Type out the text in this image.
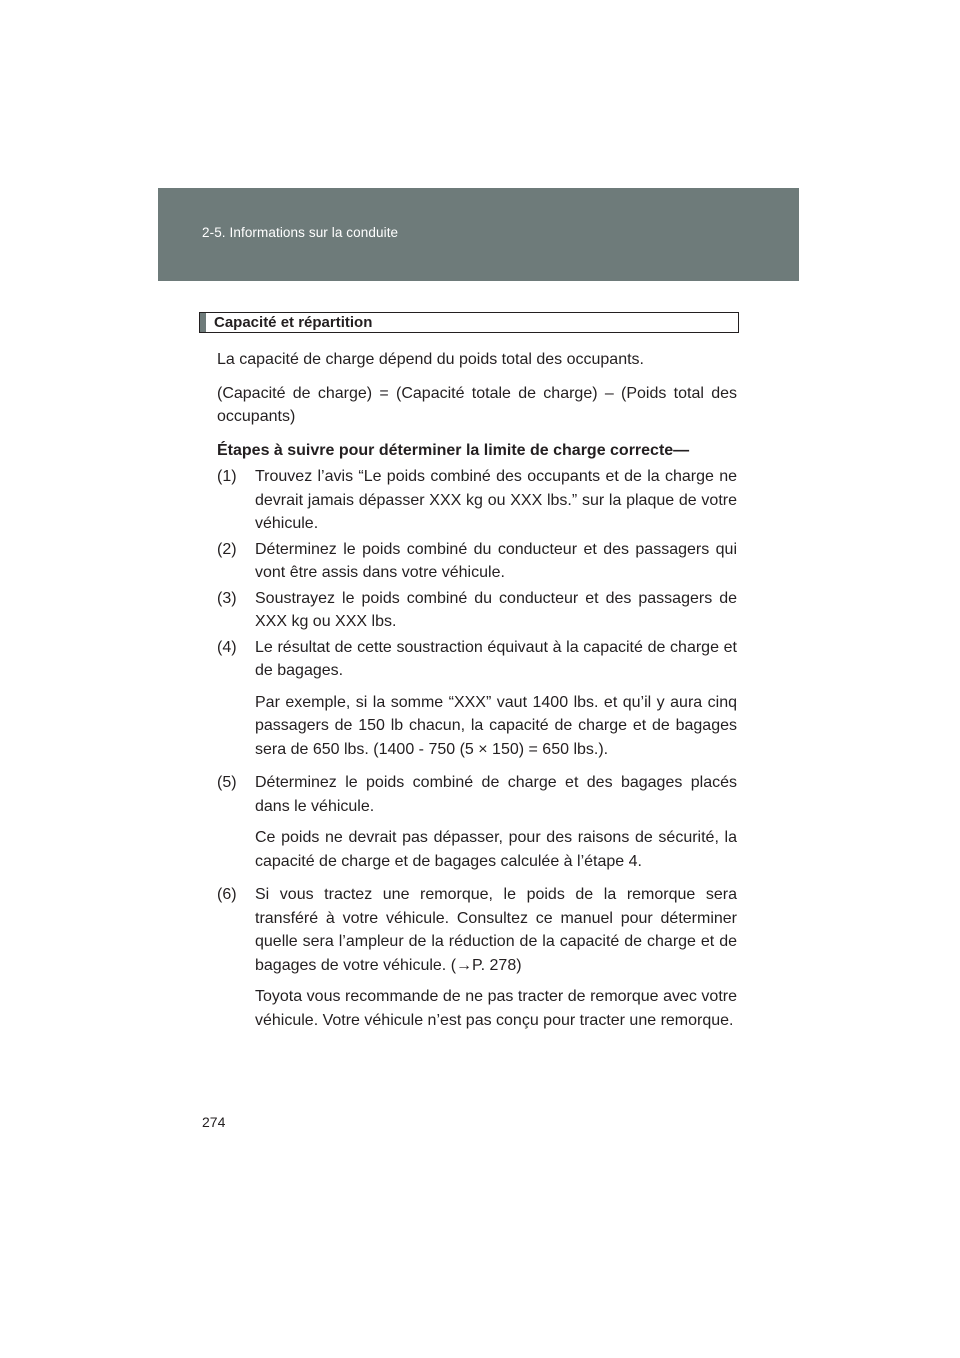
2-5. Informations sur la conduite
Capacité et répartition

La capacité de charge dépend du poids total des occupants.

(Capacité de charge) = (Capacité totale de charge) – (Poids total des occupants)

Étapes à suivre pour déterminer la limite de charge correcte—

(1)	Trouvez l’avis “Le poids combiné des occupants et de la charge ne devrait jamais dépasser XXX kg ou XXX lbs.” sur la plaque de votre véhicule.
(2)	Déterminez le poids combiné du conducteur et des passagers qui vont être assis dans votre véhicule.
(3)	Soustrayez le poids combiné du conducteur et des passagers de XXX kg ou XXX lbs.
(4)	Le résultat de cette soustraction équivaut à la capacité de charge et de bagages.
Par exemple, si la somme “XXX” vaut 1400 lbs. et qu’il y aura cinq passagers de 150 lb chacun, la capacité de charge et de bagages sera de 650 lbs. (1400 - 750 (5 × 150) = 650 lbs.).
(5)	Déterminez le poids combiné de charge et des bagages placés dans le véhicule.
Ce poids ne devrait pas dépasser, pour des raisons de sécurité, la capacité de charge et de bagages calculée à l’étape 4.
(6)	Si vous tractez une remorque, le poids de la remorque sera transféré à votre véhicule. Consultez ce manuel pour déterminer quelle sera l’ampleur de la réduction de la capacité de charge et de bagages de votre véhicule. (→P. 278)
Toyota vous recommande de ne pas tracter de remorque avec votre véhicule. Votre véhicule n’est pas conçu pour tracter une remorque.
274
